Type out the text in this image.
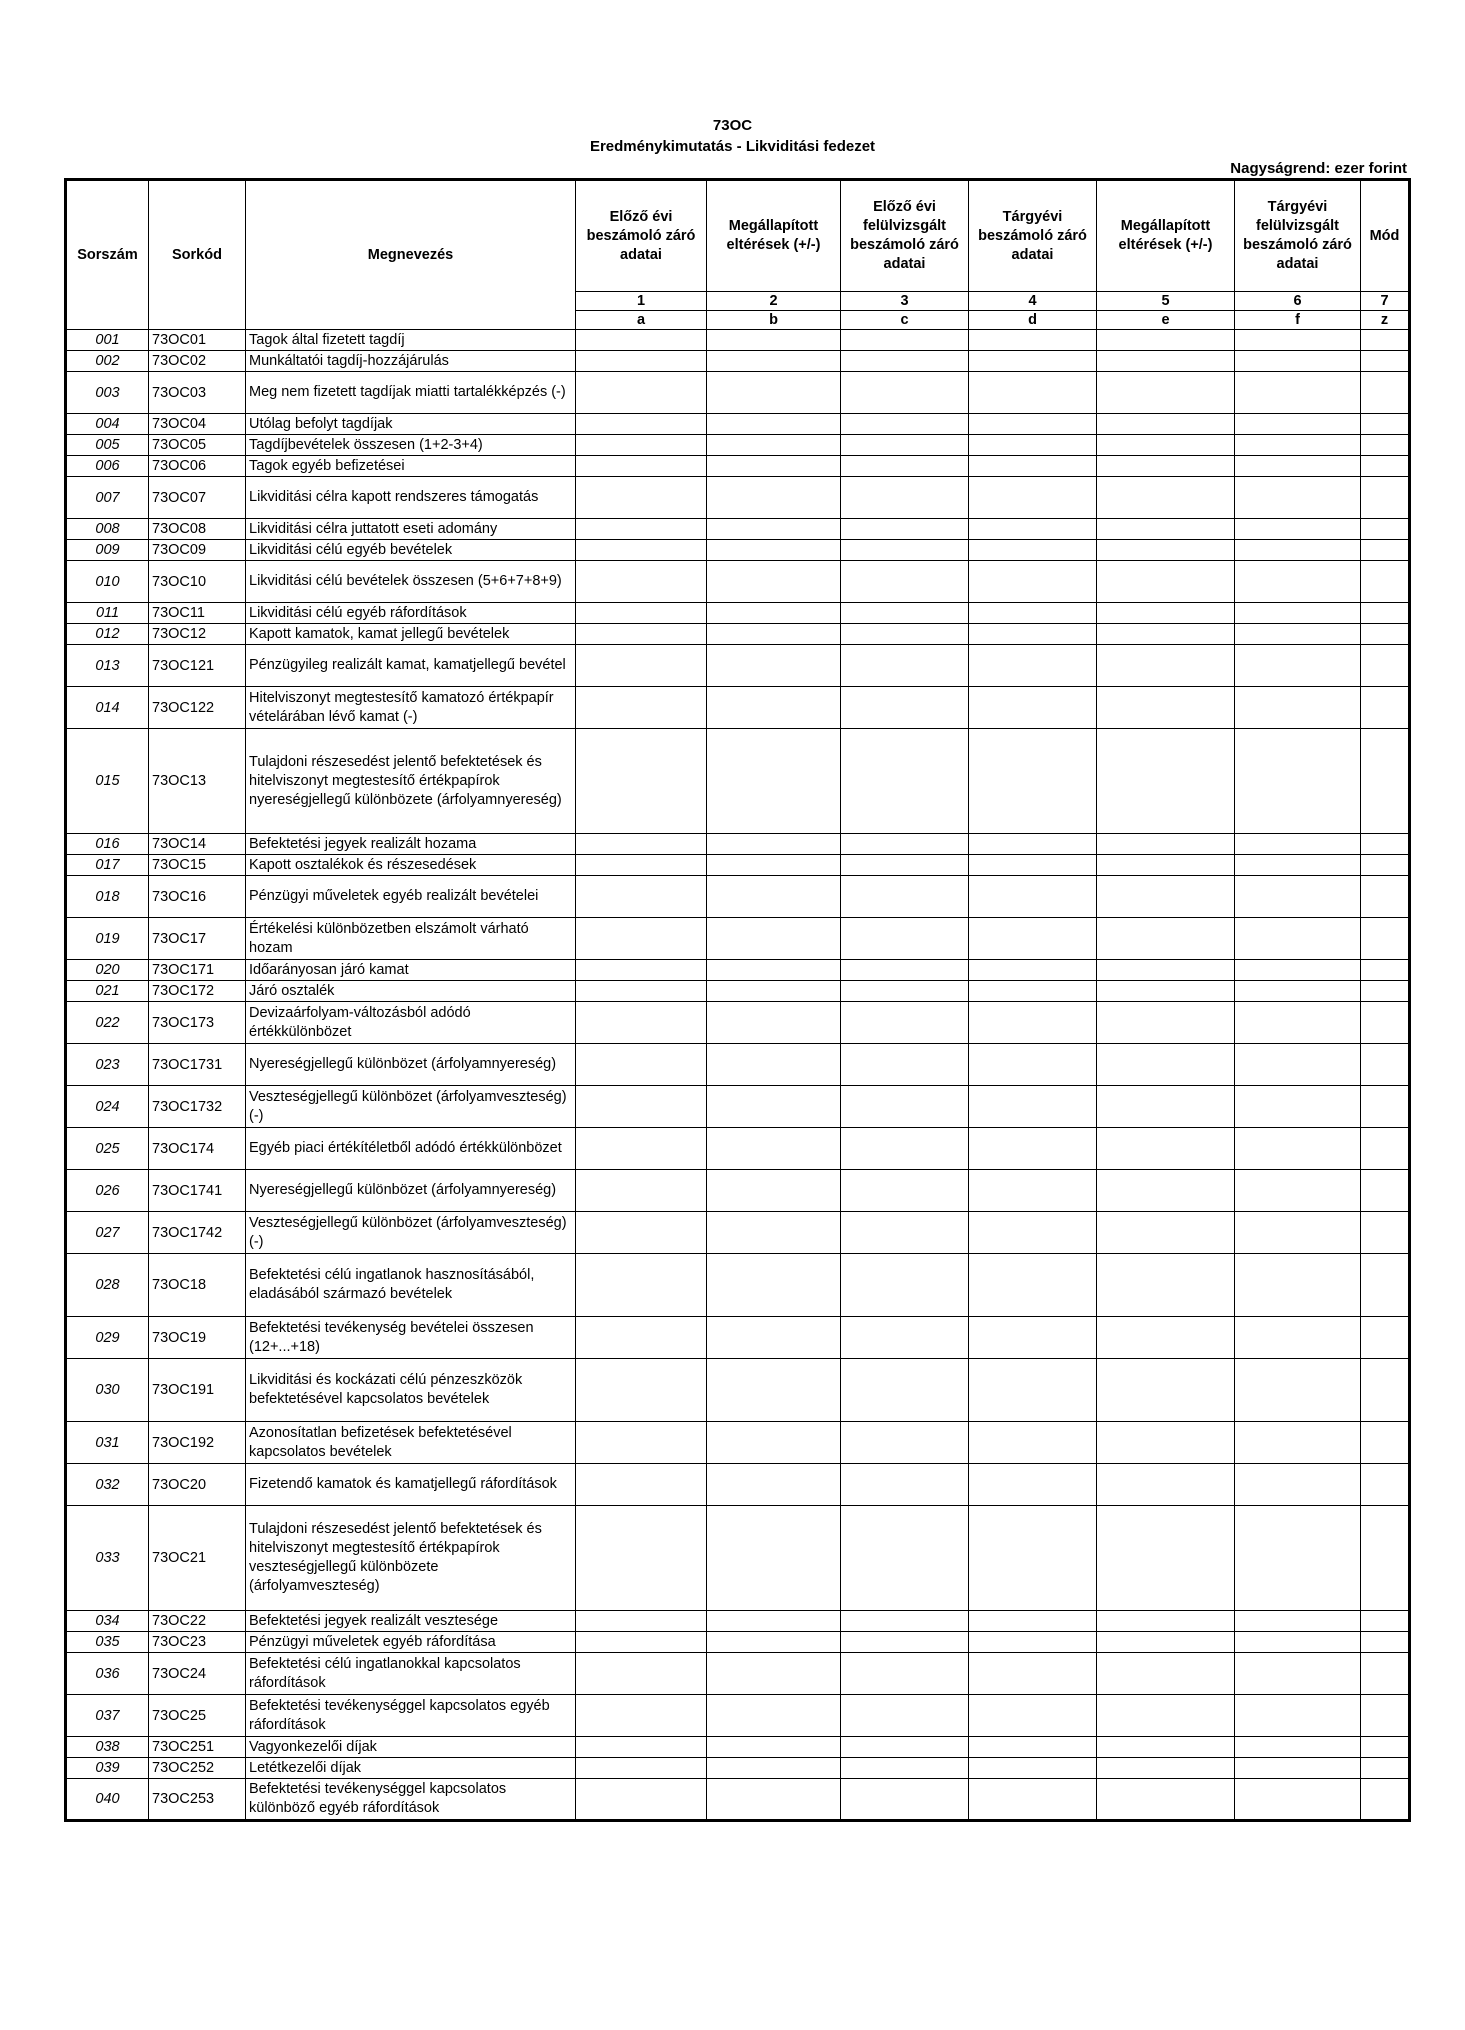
73OC
Eredménykimutatás - Likviditási fedezet
Nagyságrend: ezer forint
Sorszám	Sorkód	Megnevezés	Előző évi beszámoló záró adatai	Megállapított eltérések (+/-)	Előző évi felülvizsgált beszámoló záró adatai	Tárgyévi beszámoló záró adatai	Megállapított eltérések (+/-)	Tárgyévi felülvizsgált beszámoló záró adatai	Mód
			1	2	3	4	5	6	7
			a	b	c	d	e	f	z
001	73OC01	Tagok által fizetett tagdíj							
002	73OC02	Munkáltatói tagdíj-hozzájárulás							
003	73OC03	Meg nem fizetett tagdíjak miatti tartalékképzés (-)							
004	73OC04	Utólag befolyt tagdíjak							
005	73OC05	Tagdíjbevételek összesen (1+2-3+4)							
006	73OC06	Tagok egyéb befizetései							
007	73OC07	Likviditási célra kapott rendszeres támogatás							
008	73OC08	Likviditási célra juttatott eseti adomány							
009	73OC09	Likviditási célú egyéb bevételek							
010	73OC10	Likviditási célú bevételek összesen (5+6+7+8+9)							
011	73OC11	Likviditási célú egyéb ráfordítások							
012	73OC12	Kapott kamatok, kamat jellegű bevételek							
013	73OC121	Pénzügyileg realizált kamat, kamatjellegű bevétel							
014	73OC122	Hitelviszonyt megtestesítő kamatozó értékpapír vételárában lévő kamat (-)							
015	73OC13	Tulajdoni részesedést jelentő befektetések és hitelviszonyt megtestesítő értékpapírok nyereségjellegű különbözete (árfolyamnyereség)							
016	73OC14	Befektetési jegyek realizált hozama							
017	73OC15	Kapott osztalékok és részesedések							
018	73OC16	Pénzügyi műveletek egyéb realizált bevételei							
019	73OC17	Értékelési különbözetben elszámolt várható hozam							
020	73OC171	Időarányosan járó kamat							
021	73OC172	Járó osztalék							
022	73OC173	Devizaárfolyam-változásból adódó értékkülönbözet							
023	73OC1731	Nyereségjellegű különbözet (árfolyamnyereség)							
024	73OC1732	Veszteségjellegű különbözet (árfolyamveszteség) (-)							
025	73OC174	Egyéb piaci értékítéletből adódó értékkülönbözet							
026	73OC1741	Nyereségjellegű különbözet (árfolyamnyereség)							
027	73OC1742	Veszteségjellegű különbözet (árfolyamveszteség) (-)							
028	73OC18	Befektetési célú ingatlanok hasznosításából, eladásából származó bevételek							
029	73OC19	Befektetési tevékenység bevételei összesen (12+...+18)							
030	73OC191	Likviditási és kockázati célú pénzeszközök befektetésével kapcsolatos bevételek							
031	73OC192	Azonosítatlan befizetések befektetésével kapcsolatos bevételek							
032	73OC20	Fizetendő kamatok és kamatjellegű ráfordítások							
033	73OC21	Tulajdoni részesedést jelentő befektetések és hitelviszonyt megtestesítő értékpapírok veszteségjellegű különbözete (árfolyamveszteség)							
034	73OC22	Befektetési jegyek realizált vesztesége							
035	73OC23	Pénzügyi műveletek egyéb ráfordítása							
036	73OC24	Befektetési célú ingatlanokkal kapcsolatos ráfordítások							
037	73OC25	Befektetési tevékenységgel kapcsolatos egyéb ráfordítások							
038	73OC251	Vagyonkezelői díjak							
039	73OC252	Letétkezelői díjak							
040	73OC253	Befektetési tevékenységgel kapcsolatos különböző egyéb ráfordítások							
